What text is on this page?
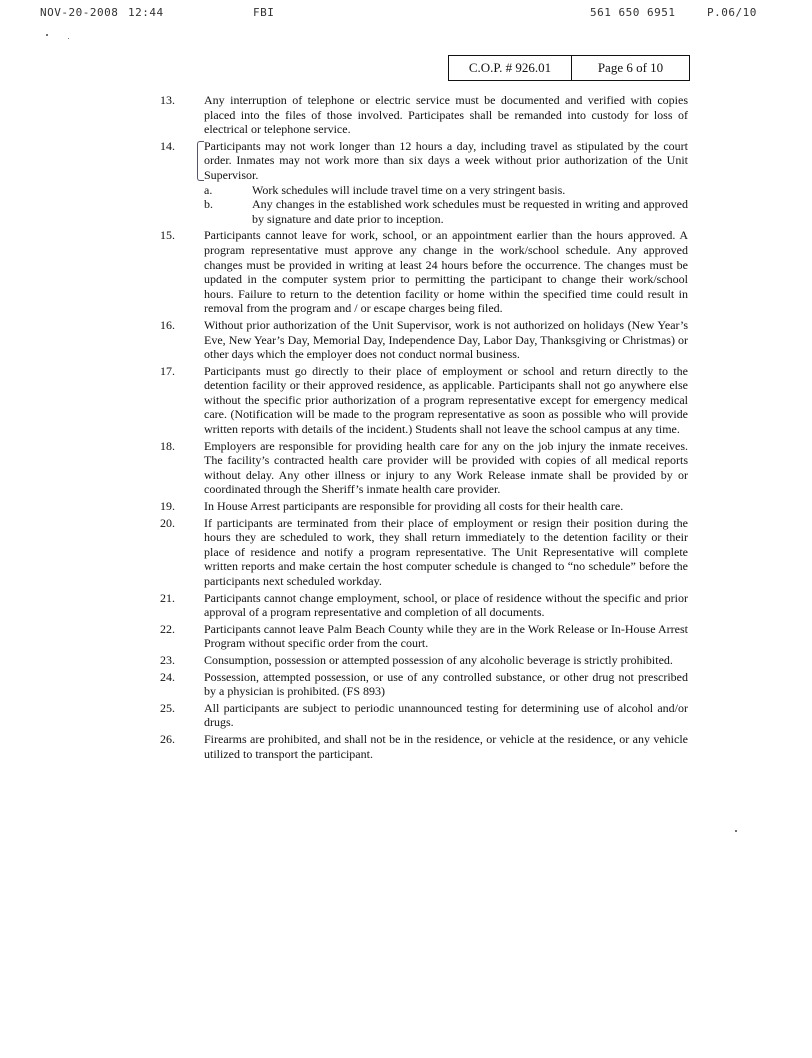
NOV-20-2008 12:44	FBI	561 650 6951	P.06/10
C.O.P. # 926.01	Page 6 of 10
13. Any interruption of telephone or electric service must be documented and verified with copies placed into the files of those involved. Participates shall be remanded into custody for loss of electrical or telephone service.
14. Participants may not work longer than 12 hours a day, including travel as stipulated by the court order. Inmates may not work more than six days a week without prior authorization of the Unit Supervisor.
a.	Work schedules will include travel time on a very stringent basis.
b.	Any changes in the established work schedules must be requested in writing and approved by signature and date prior to inception.
15. Participants cannot leave for work, school, or an appointment earlier than the hours approved. A program representative must approve any change in the work/school schedule. Any approved changes must be provided in writing at least 24 hours before the occurrence. The changes must be updated in the computer system prior to permitting the participant to change their work/school hours. Failure to return to the detention facility or home within the specified time could result in removal from the program and / or escape charges being filed.
16. Without prior authorization of the Unit Supervisor, work is not authorized on holidays (New Year’s Eve, New Year’s Day, Memorial Day, Independence Day, Labor Day, Thanksgiving or Christmas) or other days which the employer does not conduct normal business.
17. Participants must go directly to their place of employment or school and return directly to the detention facility or their approved residence, as applicable. Participants shall not go anywhere else without the specific prior authorization of a program representative except for emergency medical care. (Notification will be made to the program representative as soon as possible who will provide written reports with details of the incident.) Students shall not leave the school campus at any time.
18. Employers are responsible for providing health care for any on the job injury the inmate receives. The facility’s contracted health care provider will be provided with copies of all medical reports without delay. Any other illness or injury to any Work Release inmate shall be provided by or coordinated through the Sheriff’s inmate health care provider.
19. In House Arrest participants are responsible for providing all costs for their health care.
20. If participants are terminated from their place of employment or resign their position during the hours they are scheduled to work, they shall return immediately to the detention facility or their place of residence and notify a program representative. The Unit Representative will complete written reports and make certain the host computer schedule is changed to “no schedule” before the participants next scheduled workday.
21. Participants cannot change employment, school, or place of residence without the specific and prior approval of a program representative and completion of all documents.
22. Participants cannot leave Palm Beach County while they are in the Work Release or In-House Arrest Program without specific order from the court.
23. Consumption, possession or attempted possession of any alcoholic beverage is strictly prohibited.
24. Possession, attempted possession, or use of any controlled substance, or other drug not prescribed by a physician is prohibited. (FS 893)
25. All participants are subject to periodic unannounced testing for determining use of alcohol and/or drugs.
26. Firearms are prohibited, and shall not be in the residence, or vehicle at the residence, or any vehicle utilized to transport the participant.
